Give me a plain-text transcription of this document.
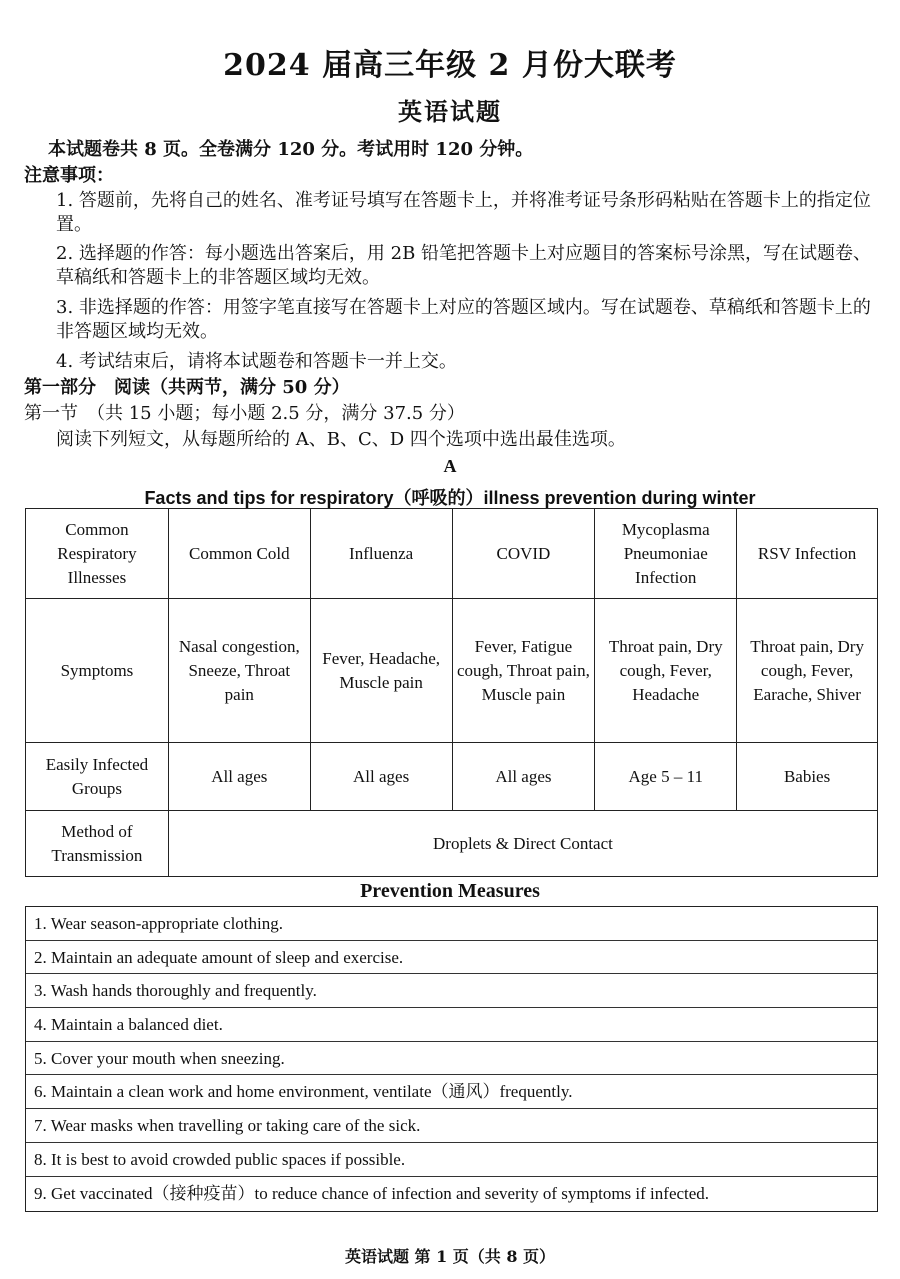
2024 届高三年级 2 月份大联考
英语试题
本试题卷共 8 页。全卷满分 120 分。考试用时 120 分钟。
注意事项：
1. 答题前，先将自己的姓名、准考证号填写在答题卡上，并将准考证号条形码粘贴在答题卡上的指定位置。
2. 选择题的作答：每小题选出答案后，用 2B 铅笔把答题卡上对应题目的答案标号涂黑，写在试题卷、草稿纸和答题卡上的非答题区域均无效。
3. 非选择题的作答：用签字笔直接写在答题卡上对应的答题区域内。写在试题卷、草稿纸和答题卡上的非答题区域均无效。
4. 考试结束后，请将本试题卷和答题卡一并上交。
第一部分　阅读（共两节，满分 50 分）
第一节　（共 15 小题；每小题 2.5 分，满分 37.5 分）
阅读下列短文，从每题所给的 A、B、C、D 四个选项中选出最佳选项。
A
Facts and tips for respiratory（呼吸的）illness prevention during winter
Common Respiratory Illnesses	Common Cold	Influenza	COVID	Mycoplasma Pneumoniae Infection	RSV Infection
Symptoms	Nasal congestion, Sneeze, Throat pain	Fever, Headache, Muscle pain	Fever, Fatigue cough, Throat pain, Muscle pain	Throat pain, Dry cough, Fever, Headache	Throat pain, Dry cough, Fever, Earache, Shiver
Easily Infected Groups	All ages	All ages	All ages	Age 5 – 11	Babies
Method of Transmission	Droplets & Direct Contact				
Prevention Measures
1. Wear season-appropriate clothing.
2. Maintain an adequate amount of sleep and exercise.
3. Wash hands thoroughly and frequently.
4. Maintain a balanced diet.
5. Cover your mouth when sneezing.
6. Maintain a clean work and home environment, ventilate（通风）frequently.
7. Wear masks when travelling or taking care of the sick.
8. It is best to avoid crowded public spaces if possible.
9. Get vaccinated（接种疫苗）to reduce chance of infection and severity of symptoms if infected.
英语试题 第 1 页（共 8 页）
